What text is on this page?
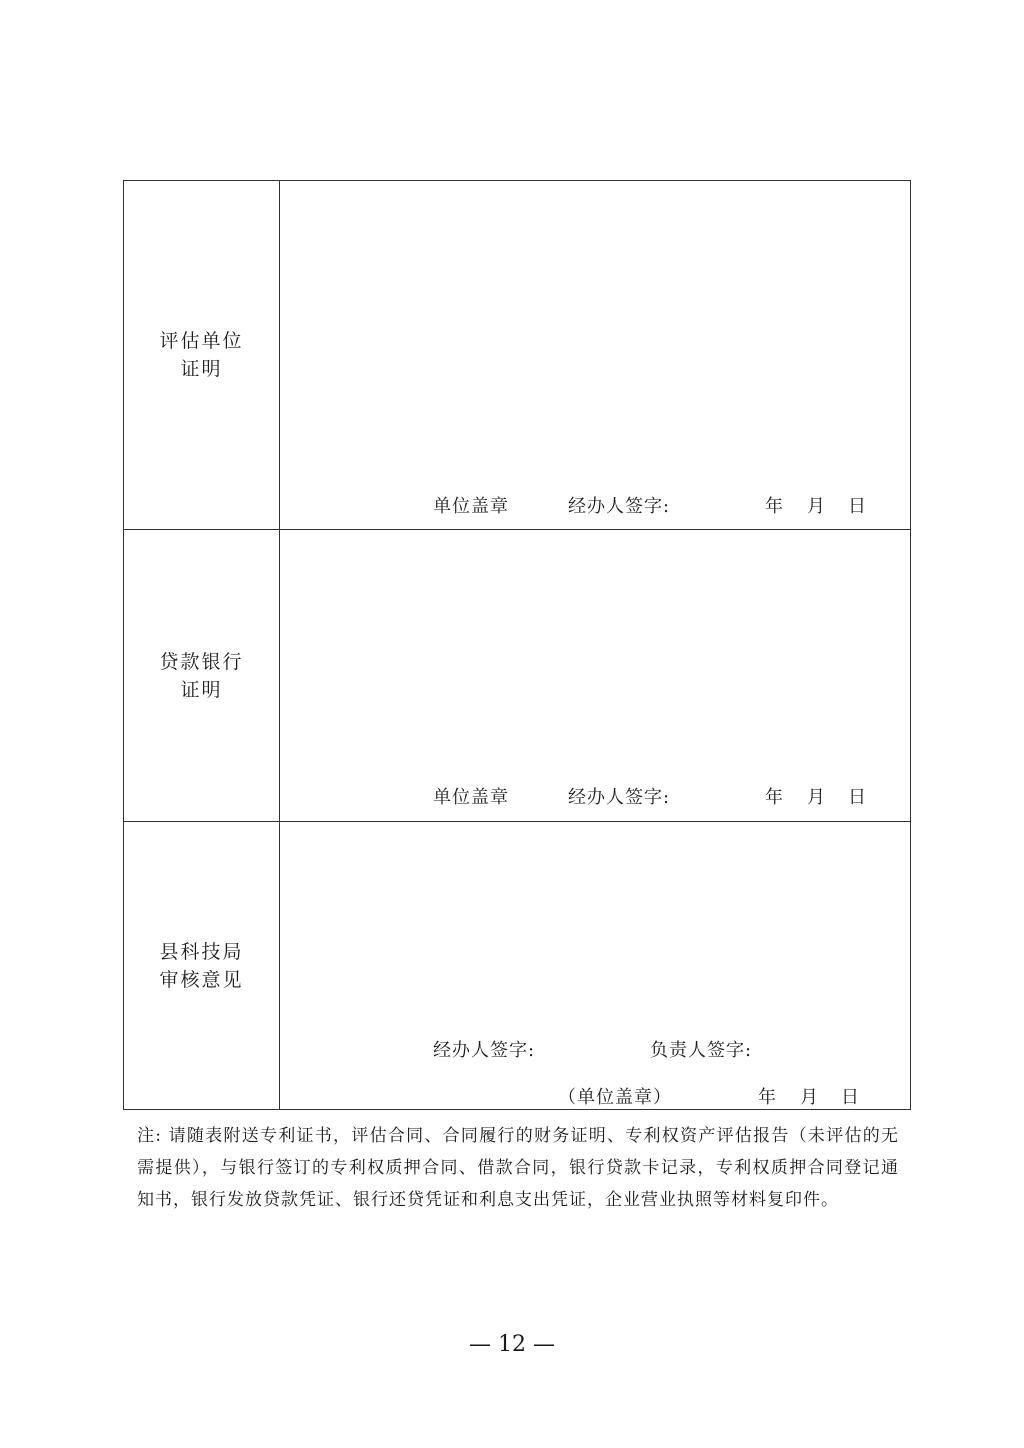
评估单位
证明
单位盖章	经办人签字:	年 月 日
贷款银行
证明
单位盖章	经办人签字:	年 月 日
县科技局
审核意见
经办人签字:	负责人签字:
（单位盖章）	年 月 日
注: 请随表附送专利证书，评估合同、合同履行的财务证明、专利权资产评估报告（未评估的无需提供），与银行签订的专利权质押合同、借款合同，银行贷款卡记录，专利权质押合同登记通知书，银行发放贷款凭证、银行还贷凭证和利息支出凭证，企业营业执照等材料复印件。
— 12 —
